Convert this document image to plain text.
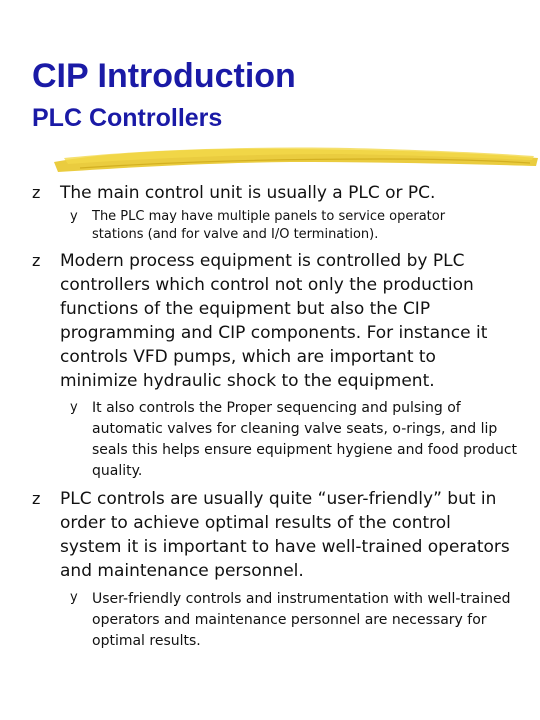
CIP Introduction
PLC Controllers
z The main control unit is usually a PLC or PC.
y The PLC may have multiple panels to service operator stations (and for valve and I/O termination).
z Modern process equipment is controlled by PLC controllers which control not only the production functions of the equipment but also the CIP programming and CIP components. For instance it controls VFD pumps, which are important to minimize hydraulic shock to the equipment.
y It also controls the Proper sequencing and pulsing of automatic valves for cleaning valve seats, o-rings, and lip seals this helps ensure equipment hygiene and food product quality.
z PLC controls are usually quite “user-friendly” but in order to achieve optimal results of the control system it is important to have well-trained operators and maintenance personnel.
y User-friendly controls and instrumentation with well-trained operators and maintenance personnel are necessary for optimal results.
